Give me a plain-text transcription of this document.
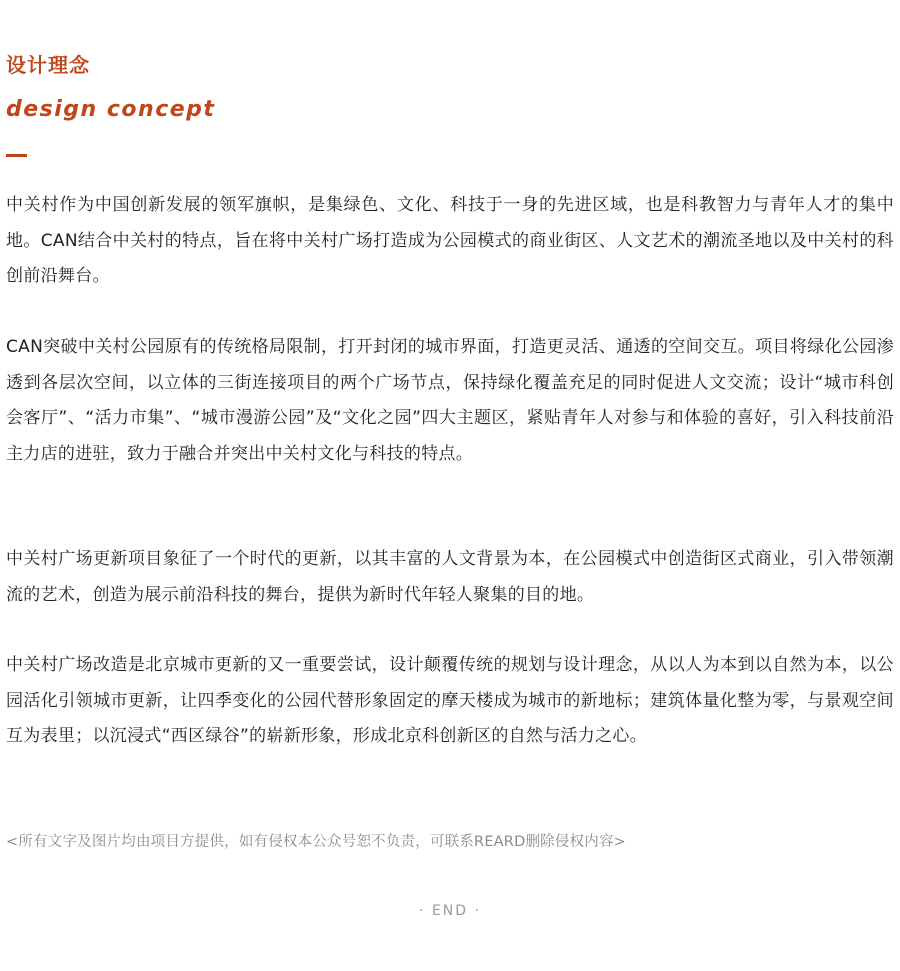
设计理念
design concept

中关村作为中国创新发展的领军旗帜，是集绿色、文化、科技于一身的先进区域，也是科教智力与青年人才的集中地。CAN结合中关村的特点，旨在将中关村广场打造成为公园模式的商业街区、人文艺术的潮流圣地以及中关村的科创前沿舞台。

CAN突破中关村公园原有的传统格局限制，打开封闭的城市界面，打造更灵活、通透的空间交互。项目将绿化公园渗透到各层次空间，以立体的三街连接项目的两个广场节点，保持绿化覆盖充足的同时促进人文交流；设计“城市科创会客厅”、“活力市集”、“城市漫游公园”及“文化之园”四大主题区，紧贴青年人对参与和体验的喜好，引入科技前沿主力店的进驻，致力于融合并突出中关村文化与科技的特点。

中关村广场更新项目象征了一个时代的更新，以其丰富的人文背景为本，在公园模式中创造街区式商业，引入带领潮流的艺术，创造为展示前沿科技的舞台，提供为新时代年轻人聚集的目的地。

中关村广场改造是北京城市更新的又一重要尝试，设计颠覆传统的规划与设计理念，从以人为本到以自然为本，以公园活化引领城市更新，让四季变化的公园代替形象固定的摩天楼成为城市的新地标；建筑体量化整为零，与景观空间互为表里；以沉浸式“西区绿谷”的崭新形象，形成北京科创新区的自然与活力之心。

<所有文字及图片均由项目方提供，如有侵权本公众号恕不负责，可联系REARD删除侵权内容>
· END ·
